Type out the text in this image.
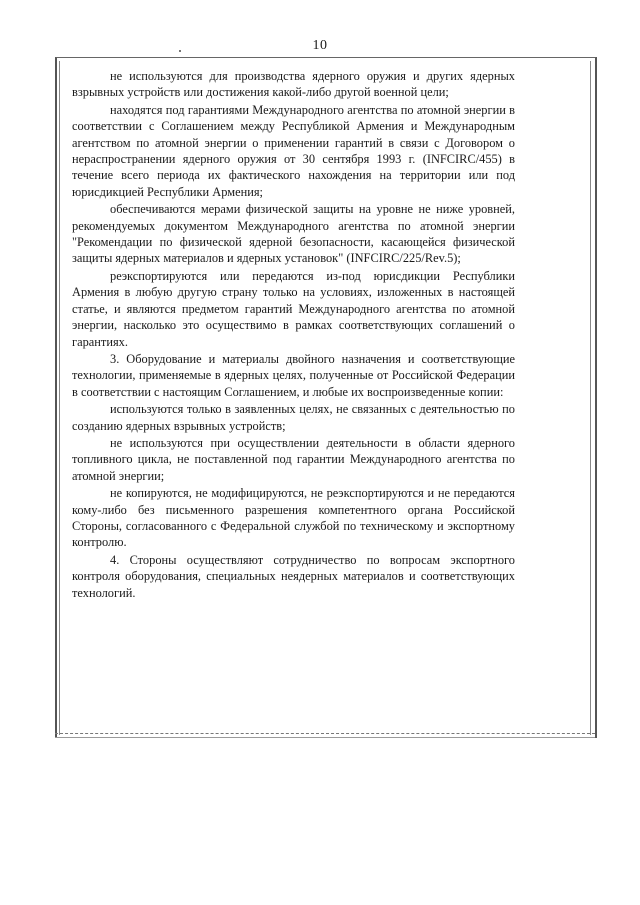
10

не используются для производства ядерного оружия и других ядерных взрывных устройств или достижения какой-либо другой военной цели;

находятся под гарантиями Международного агентства по атомной энергии в соответствии с Соглашением между Республикой Армения и Международным агентством по атомной энергии о применении гарантий в связи с Договором о нераспространении ядерного оружия от 30 сентября 1993 г. (INFCIRC/455) в течение всего периода их фактического нахождения на территории или под юрисдикцией Республики Армения;

обеспечиваются мерами физической защиты на уровне не ниже уровней, рекомендуемых документом Международного агентства по атомной энергии "Рекомендации по физической ядерной безопасности, касающейся физической защиты ядерных материалов и ядерных установок" (INFCIRC/225/Rev.5);

реэкспортируются или передаются из-под юрисдикции Республики Армения в любую другую страну только на условиях, изложенных в настоящей статье, и являются предметом гарантий Международного агентства по атомной энергии, насколько это осуществимо в рамках соответствующих соглашений о гарантиях.

3. Оборудование и материалы двойного назначения и соответствующие технологии, применяемые в ядерных целях, полученные от Российской Федерации в соответствии с настоящим Соглашением, и любые их воспроизведенные копии:

используются только в заявленных целях, не связанных с деятельностью по созданию ядерных взрывных устройств;

не используются при осуществлении деятельности в области ядерного топливного цикла, не поставленной под гарантии Международного агентства по атомной энергии;

не копируются, не модифицируются, не реэкспортируются и не передаются кому-либо без письменного разрешения компетентного органа Российской Стороны, согласованного с Федеральной службой по техническому и экспортному контролю.

4. Стороны осуществляют сотрудничество по вопросам экспортного контроля оборудования, специальных неядерных материалов и соответствующих технологий.
